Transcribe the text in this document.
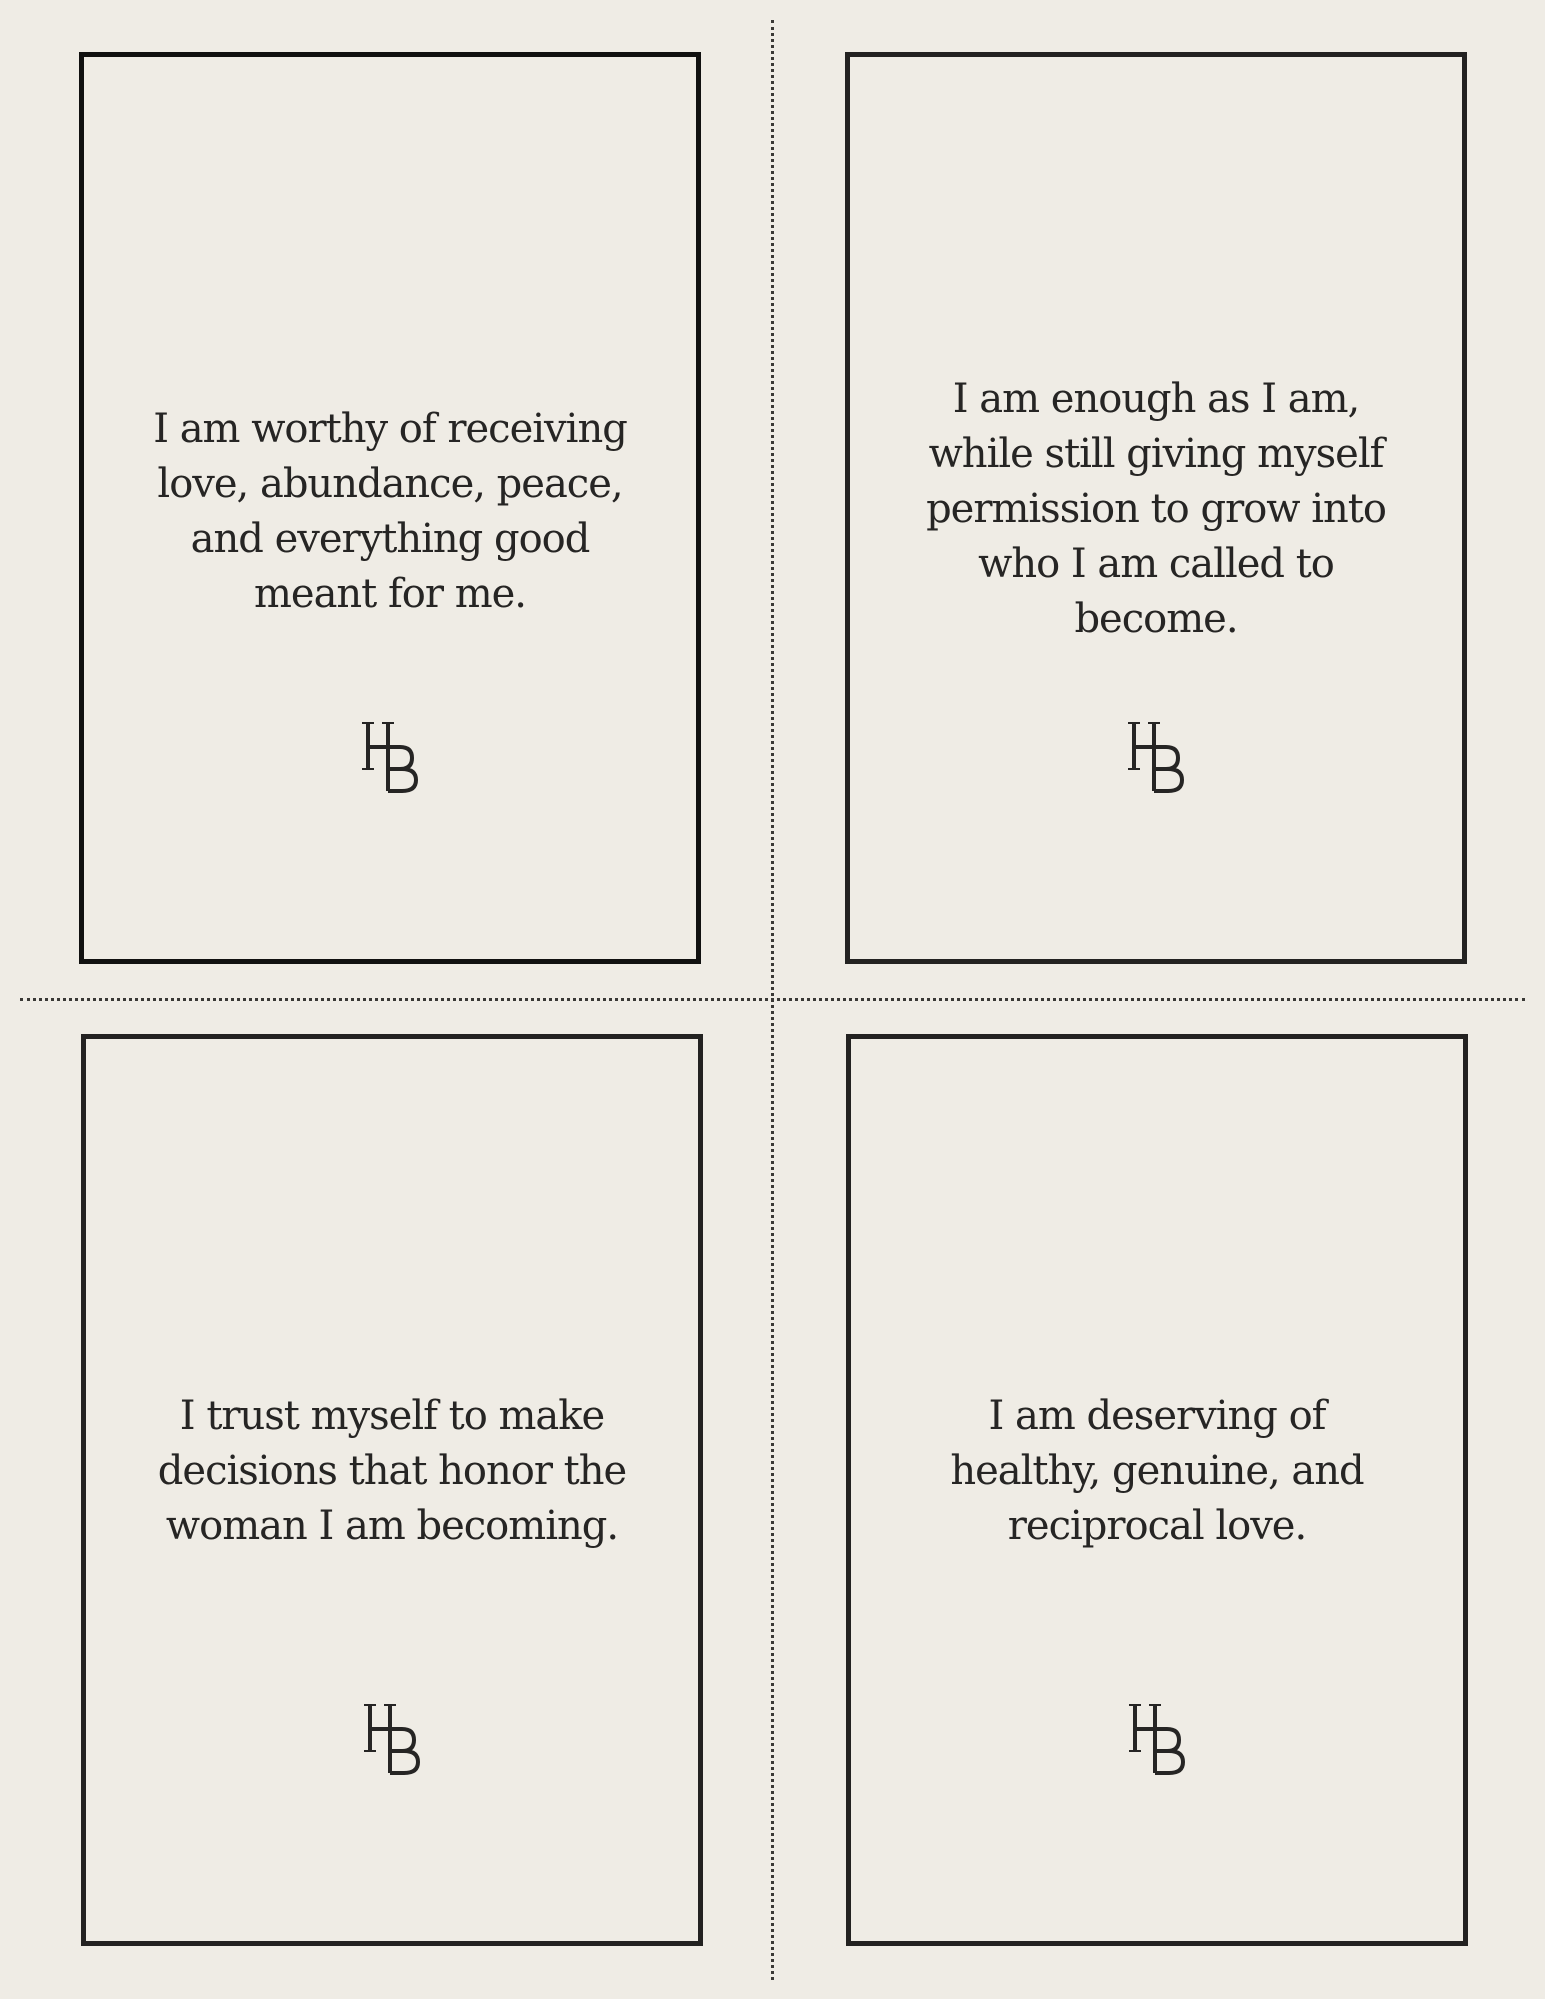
I am worthy of receiving love, abundance, peace, and everything good meant for me.
I am enough as I am, while still giving myself permission to grow into who I am called to become.
I trust myself to make decisions that honor the woman I am becoming.
I am deserving of healthy, genuine, and reciprocal love.
